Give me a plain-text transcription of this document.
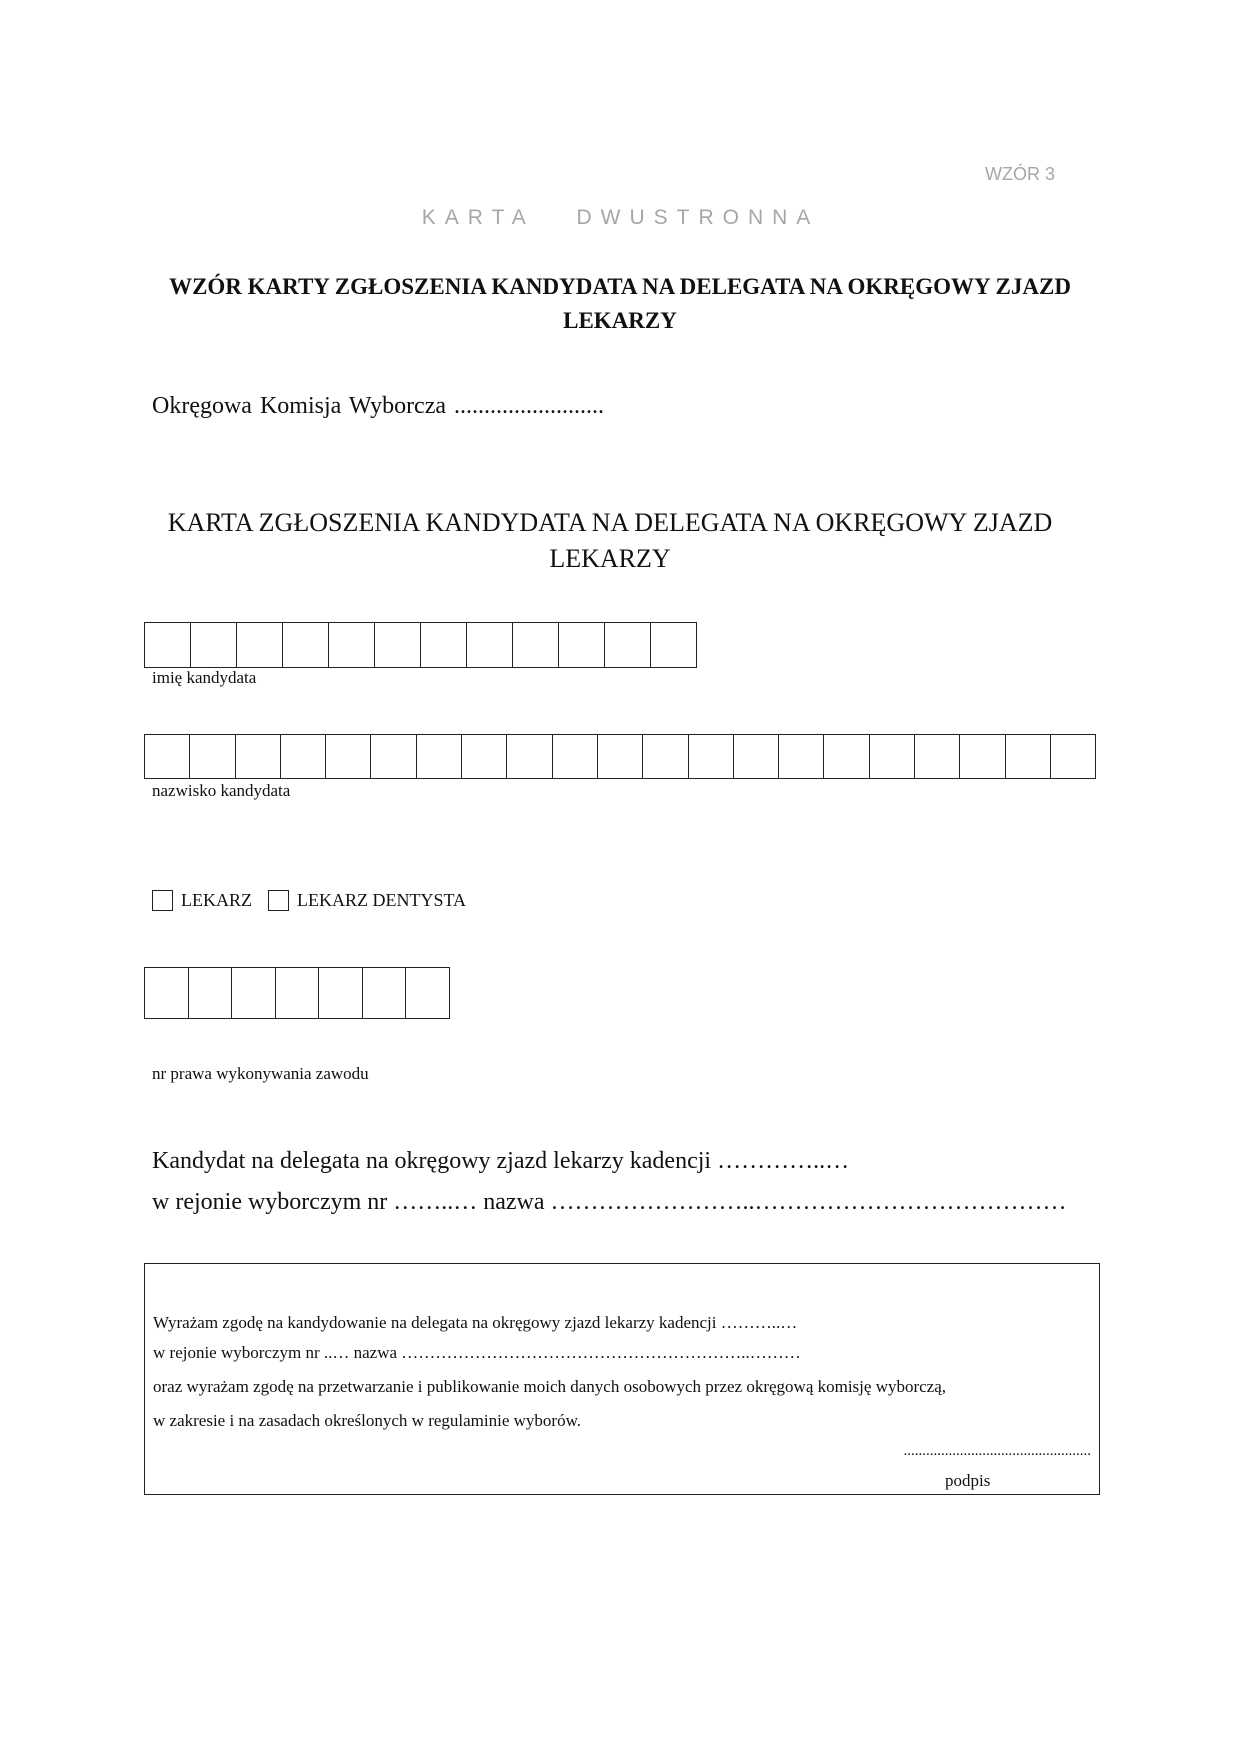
WZÓR 3
KARTA DWUSTRONNA
WZÓR KARTY ZGŁOSZENIA KANDYDATA NA DELEGATA NA OKRĘGOWY ZJAZD LEKARZY
Okręgowa Komisja Wyborcza .........................
KARTA ZGŁOSZENIA KANDYDATA NA DELEGATA NA OKRĘGOWY ZJAZD LEKARZY
imię kandydata
nazwisko kandydata
LEKARZ	LEKARZ DENTYSTA
nr prawa wykonywania zawodu
Kandydat na delegata na okręgowy zjazd lekarzy kadencji …………..…
w rejonie wyborczym nr ……..… nazwa ……………………..…………………………………
Wyrażam zgodę na kandydowanie na delegata na okręgowy zjazd lekarzy kadencji ………..…
w rejonie wyborczym nr ..… nazwa ……………………………………………………..………
oraz wyrażam zgodę na przetwarzanie i publikowanie moich danych osobowych przez okręgową komisję wyborczą,
w zakresie i na zasadach określonych w regulaminie wyborów.
..................................................
podpis
